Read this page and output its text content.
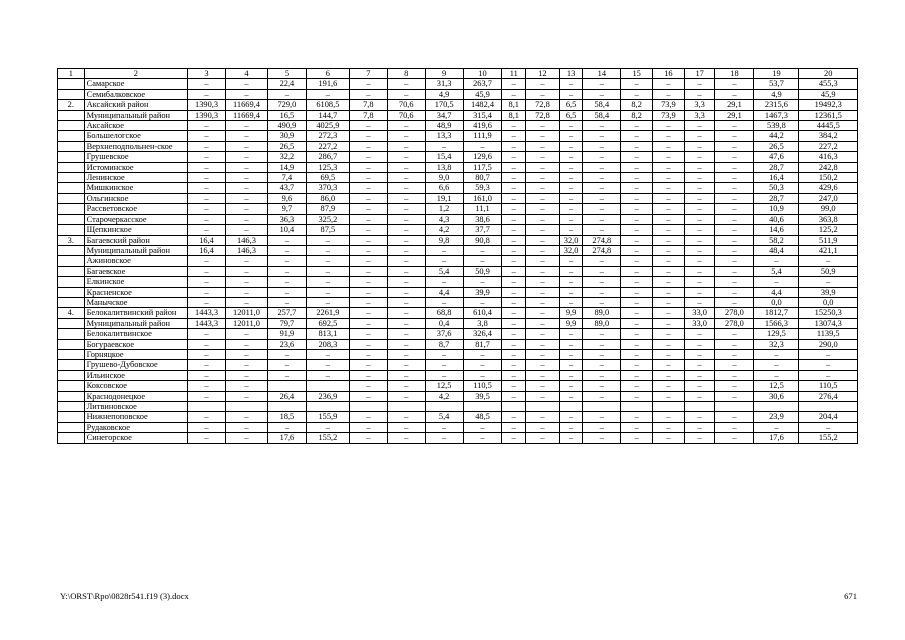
1	2	3	4	5	6	7	8	9	10	11	12	13	14	15	16	17	18	19	20
	Самарское	–	–	22,4	191,6	–	–	31,3	263,7	–	–	–	–	–	–	–	–	53,7	455,3
	Семибалковское	–	–	–	–	–	–	4,9	45,9	–	–	–	–	–	–	–	–	4,9	45,9
2.	Аксайский район	1390,3	11669,4	729,0	6108,5	7,8	70,6	170,5	1482,4	8,1	72,8	6,5	58,4	8,2	73,9	3,3	29,1	2315,6	19492,3
	Муниципальный район	1390,3	11669,4	16,5	144,7	7,8	70,6	34,7	315,4	8,1	72,8	6,5	58,4	8,2	73,9	3,3	29,1	1467,3	12361,5
	Аксайское	–	–	490,9	4025,9	–	–	48,9	419,6	–	–	–	–	–	–	–	–	539,8	4445,5
	Большелогское	–	–	30,9	272,3	–	–	13,3	111,9	–	–	–	–	–	–	–	–	44,2	384,2
	Верхнеподпольнен-ское	–	–	26,5	227,2	–	–	–	–	–	–	–	–	–	–	–	–	26,5	227,2
	Грушевское	–	–	32,2	286,7	–	–	15,4	129,6	–	–	–	–	–	–	–	–	47,6	416,3
	Истоминское	–	–	14,9	125,3	–	–	13,8	117,5	–	–	–	–	–	–	–	–	28,7	242,8
	Ленинское	–	–	7,4	69,5	–	–	9,0	80,7	–	–	–	–	–	–	–	–	16,4	150,2
	Мишкинское	–	–	43,7	370,3	–	–	6,6	59,3	–	–	–	–	–	–	–	–	50,3	429,6
	Ольгинское	–	–	9,6	86,0	–	–	19,1	161,0	–	–	–	–	–	–	–	–	28,7	247,0
	Рассветовское	–	–	9,7	87,9	–	–	1,2	11,1	–	–	–	–	–	–	–	–	10,9	99,0
	Старочеркасское	–	–	36,3	325,2	–	–	4,3	38,6	–	–	–	–	–	–	–	–	40,6	363,8
	Щепкинское	–	–	10,4	87,5	–	–	4,2	37,7	–	–	–	–	–	–	–	–	14,6	125,2
3.	Багаевский район	16,4	146,3	–	–	–	–	9,8	90,8	–	–	32,0	274,8	–	–	–	–	58,2	511,9
	Муниципальный район	16,4	146,3	–	–	–	–	–	–	–	–	32,0	274,8	–	–	–	–	48,4	421,1
	Ажиновское	–	–	–	–	–	–	–	–	–	–	–	–	–	–	–	–	–	–
	Багаевское	–	–	–	–	–	–	5,4	50,9	–	–	–	–	–	–	–	–	5,4	50,9
	Елкинское	–	–	–	–	–	–	–	–	–	–	–	–	–	–	–	–	–	–
	Красненское	–	–	–	–	–	–	4,4	39,9	–	–	–	–	–	–	–	–	4,4	39,9
	Манычское	–	–	–	–	–	–	–	–	–	–	–	–	–	–	–	–	0,0	0,0
4.	Белокалитвинский район	1443,3	12011,0	257,7	2261,9	–	–	68,8	610,4	–	–	9,9	89,0	–	–	33,0	278,0	1812,7	15250,3
	Муниципальный район	1443,3	12011,0	79,7	692,5	–	–	0,4	3,8	–	–	9,9	89,0	–	–	33,0	278,0	1566,3	13074,3
	Белокалитвинское	–	–	91,9	813,1	–	–	37,6	326,4	–	–	–	–	–	–	–	–	129,5	1139,5
	Богураевское	–	–	23,6	208,3	–	–	8,7	81,7	–	–	–	–	–	–	–	–	32,3	290,0
	Горняцкое	–	–	–	–	–	–	–	–	–	–	–	–	–	–	–	–	–	–
	Грушево-Дубовское	–	–	–	–	–	–	–	–	–	–	–	–	–	–	–	–	–	–
	Ильинское	–	–	–	–	–	–	–	–	–	–	–	–	–	–	–	–	–	–
	Коксовское	–	–			–	–	12,5	110,5	–	–	–	–	–	–	–	–	12,5	110,5
	Краснодонецкое	–	–	26,4	236,9	–	–	4,2	39,5	–	–	–	–	–	–	–	–	30,6	276,4
	Литвиновское																		
	Нижнепоповское	–	–	18,5	155,9	–	–	5,4	48,5	–	–	–	–	–	–	–	–	23,9	204,4
	Рудаковское	–	–	–	–	–	–	–	–	–	–	–	–	–	–	–	–	–	–
	Синегорское	–	–	17,6	155,2	–	–	–	–	–	–	–	–	–	–	–	–	17,6	155,2
Y:\ORST\Rpo\0828r541.f19 (3).docx	671
